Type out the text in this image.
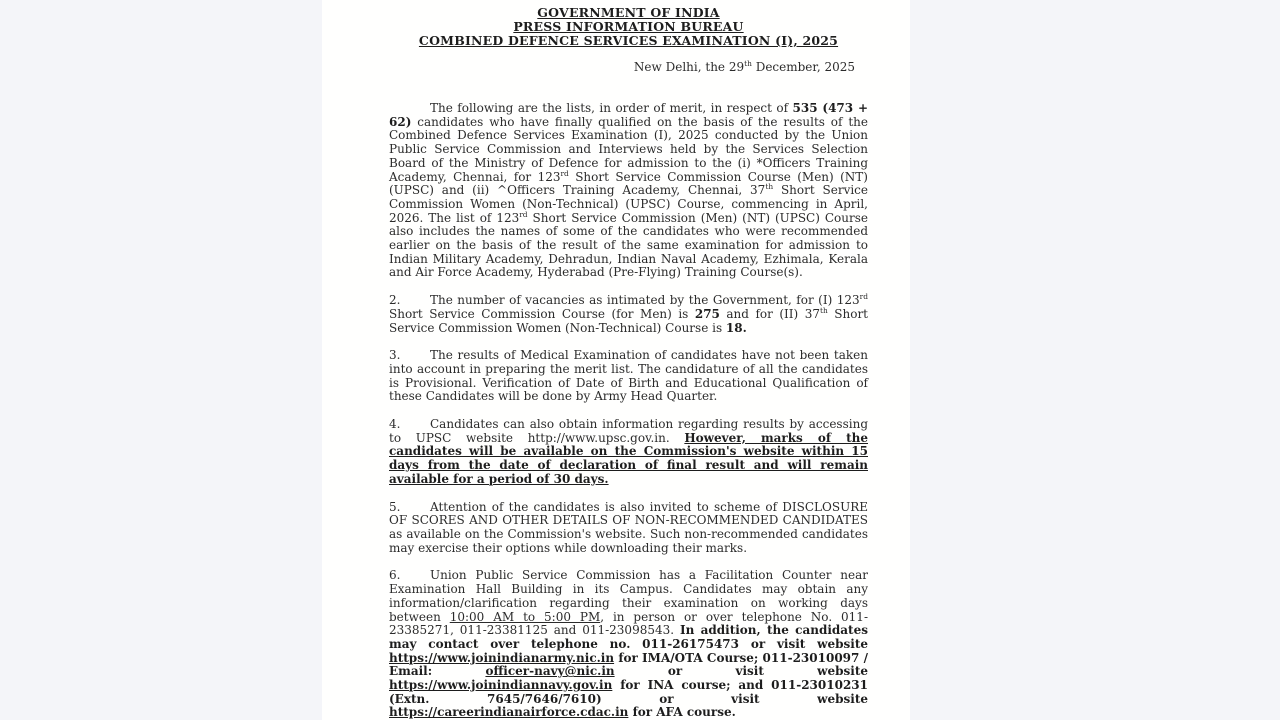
GOVERNMENT OF INDIA
PRESS INFORMATION BUREAU
COMBINED DEFENCE SERVICES EXAMINATION (I), 2025
New Delhi, the 29th December, 2025

The following are the lists, in order of merit, in respect of 535 (473 + 62) candidates who have finally qualified on the basis of the results of the Combined Defence Services Examination (I), 2025 conducted by the Union Public Service Commission and Interviews held by the Services Selection Board of the Ministry of Defence for admission to the (i) *Officers Training Academy, Chennai, for 123rd Short Service Commission Course (Men) (NT) (UPSC) and (ii) ^Officers Training Academy, Chennai, 37th Short Service Commission Women (Non-Technical) (UPSC) Course, commencing in April, 2026. The list of 123rd Short Service Commission (Men) (NT) (UPSC) Course also includes the names of some of the candidates who were recommended earlier on the basis of the result of the same examination for admission to Indian Military Academy, Dehradun, Indian Naval Academy, Ezhimala, Kerala and Air Force Academy, Hyderabad (Pre-Flying) Training Course(s).

2. The number of vacancies as intimated by the Government, for (I) 123rd Short Service Commission Course (for Men) is 275 and for (II) 37th Short Service Commission Women (Non-Technical) Course is 18.

3. The results of Medical Examination of candidates have not been taken into account in preparing the merit list. The candidature of all the candidates is Provisional. Verification of Date of Birth and Educational Qualification of these Candidates will be done by Army Head Quarter.

4. Candidates can also obtain information regarding results by accessing to UPSC website http://www.upsc.gov.in. However, marks of the candidates will be available on the Commission's website within 15 days from the date of declaration of final result and will remain available for a period of 30 days.

5. Attention of the candidates is also invited to scheme of DISCLOSURE OF SCORES AND OTHER DETAILS OF NON-RECOMMENDED CANDIDATES as available on the Commission's website. Such non-recommended candidates may exercise their options while downloading their marks.

6. Union Public Service Commission has a Facilitation Counter near Examination Hall Building in its Campus. Candidates may obtain any information/clarification regarding their examination on working days between 10:00 AM to 5:00 PM, in person or over telephone No. 011-23385271, 011-23381125 and 011-23098543. In addition, the candidates may contact over telephone no. 011-26175473 or visit website https://www.joinindianarmy.nic.in for IMA/OTA Course; 011-23010097 / Email: officer-navy@nic.in or visit website https://www.joinindiannavy.gov.in for INA course; and 011-23010231 (Extn. 7645/7646/7610) or visit website https://careerindianairforce.cdac.in for AFA course.
